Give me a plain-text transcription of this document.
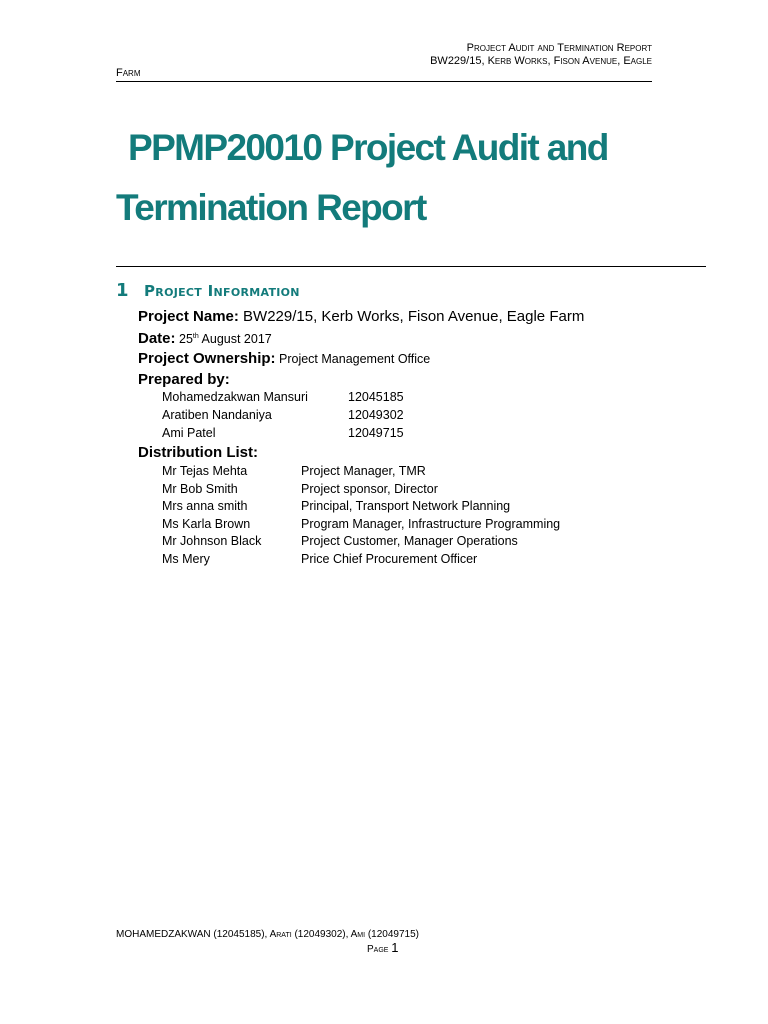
Project Audit and Termination Report
BW229/15, Kerb Works, Fison Avenue, Eagle
Farm
PPMP20010 Project Audit and
Termination Report
1 Project Information
Project Name: BW229/15, Kerb Works, Fison Avenue, Eagle Farm
Date: 25th August 2017
Project Ownership: Project Management Office
Prepared by:
Distribution List:
Mohamedzakwan Mansuri	12045185
Aratiben Nandaniya	12049302
Ami Patel	12049715
Mr Tejas Mehta	Project Manager, TMR
Mr Bob Smith	Project sponsor, Director
Mrs anna smith	Principal, Transport Network Planning
Ms Karla Brown	Program Manager, Infrastructure Programming
Mr Johnson Black	Project Customer, Manager Operations
Ms Mery	Price Chief Procurement Officer
MOHAMEDZAKWAN (12045185), Arati (12049302), Ami (12049715)
Page 1
